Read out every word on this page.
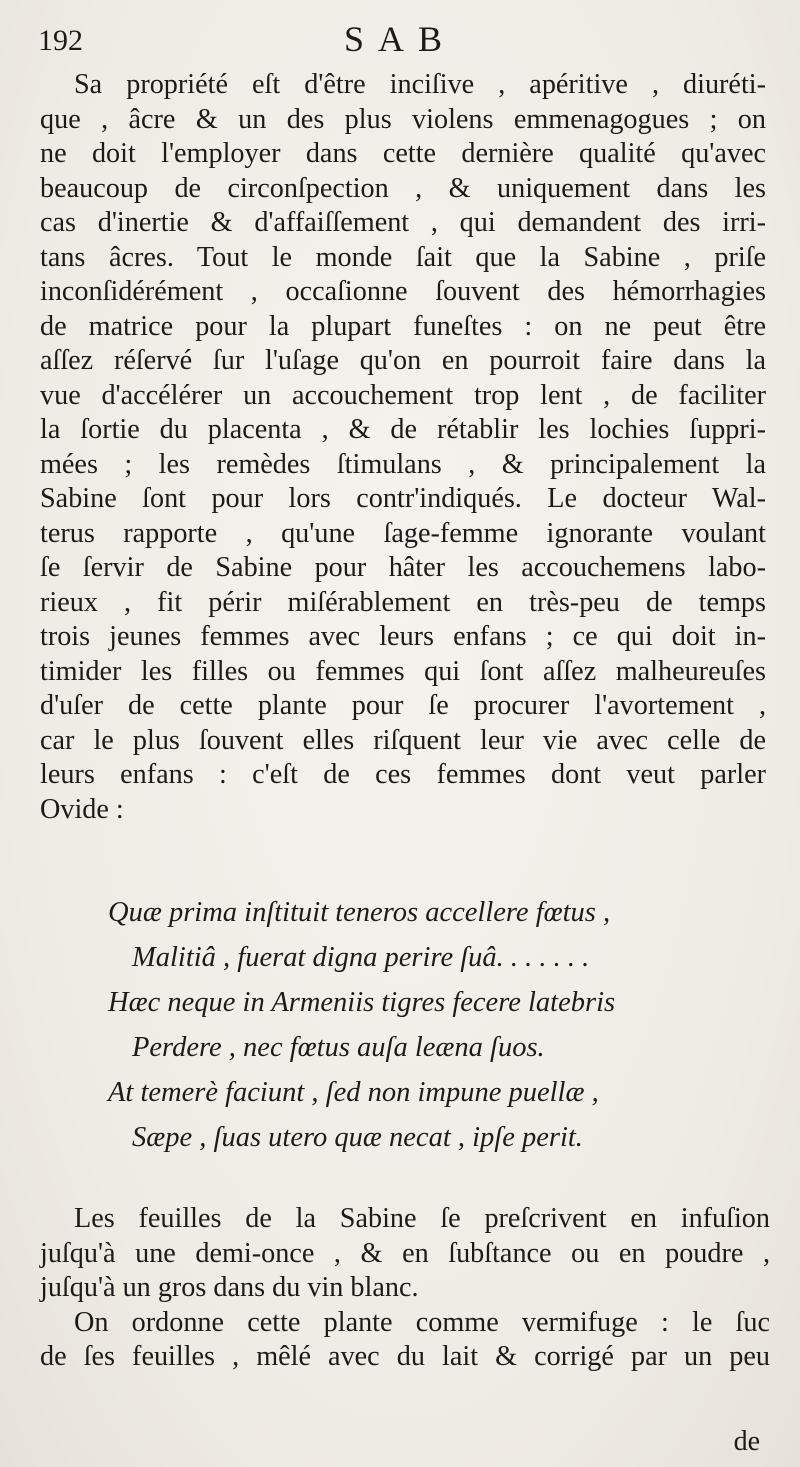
192	SAB
Sa propriété eſt d'être inciſive , apéritive , diuréti-
que , âcre & un des plus violens emmenagogues ; on
ne doit l'employer dans cette dernière qualité qu'avec
beaucoup de circonſpection , & uniquement dans les
cas d'inertie & d'affaiſſement , qui demandent des irri-
tans âcres. Tout le monde ſait que la Sabine , priſe
inconſidérément , occaſionne ſouvent des hémorrhagies
de matrice pour la plupart funeſtes : on ne peut être
aſſez réſervé ſur l'uſage qu'on en pourroit faire dans la
vue d'accélérer un accouchement trop lent , de faciliter
la ſortie du placenta , & de rétablir les lochies ſuppri-
mées ; les remèdes ſtimulans , & principalement la
Sabine ſont pour lors contr'indiqués. Le docteur Wal-
terus rapporte , qu'une ſage-femme ignorante voulant
ſe ſervir de Sabine pour hâter les accouchemens labo-
rieux , fit périr miſérablement en très-peu de temps
trois jeunes femmes avec leurs enfans ; ce qui doit in-
timider les filles ou femmes qui ſont aſſez malheureuſes
d'uſer de cette plante pour ſe procurer l'avortement ,
car le plus ſouvent elles riſquent leur vie avec celle de
leurs enfans : c'eſt de ces femmes dont veut parler
Ovide :
Quæ prima inſtituit teneros accellere fœtus ,
Malitiâ , fuerat digna perire ſuâ. . . . . . .
Hæc neque in Armeniis tigres fecere latebris
Perdere , nec fœtus auſa leæna ſuos.
At temerè faciunt , ſed non impune puellæ ,
Sæpe , ſuas utero quæ necat , ipſe perit.
Les feuilles de la Sabine ſe preſcrivent en infuſion
juſqu'à une demi-once , & en ſubſtance ou en poudre ,
juſqu'à un gros dans du vin blanc.
On ordonne cette plante comme vermifuge : le ſuc
de ſes feuilles , mêlé avec du lait & corrigé par un peu
de
